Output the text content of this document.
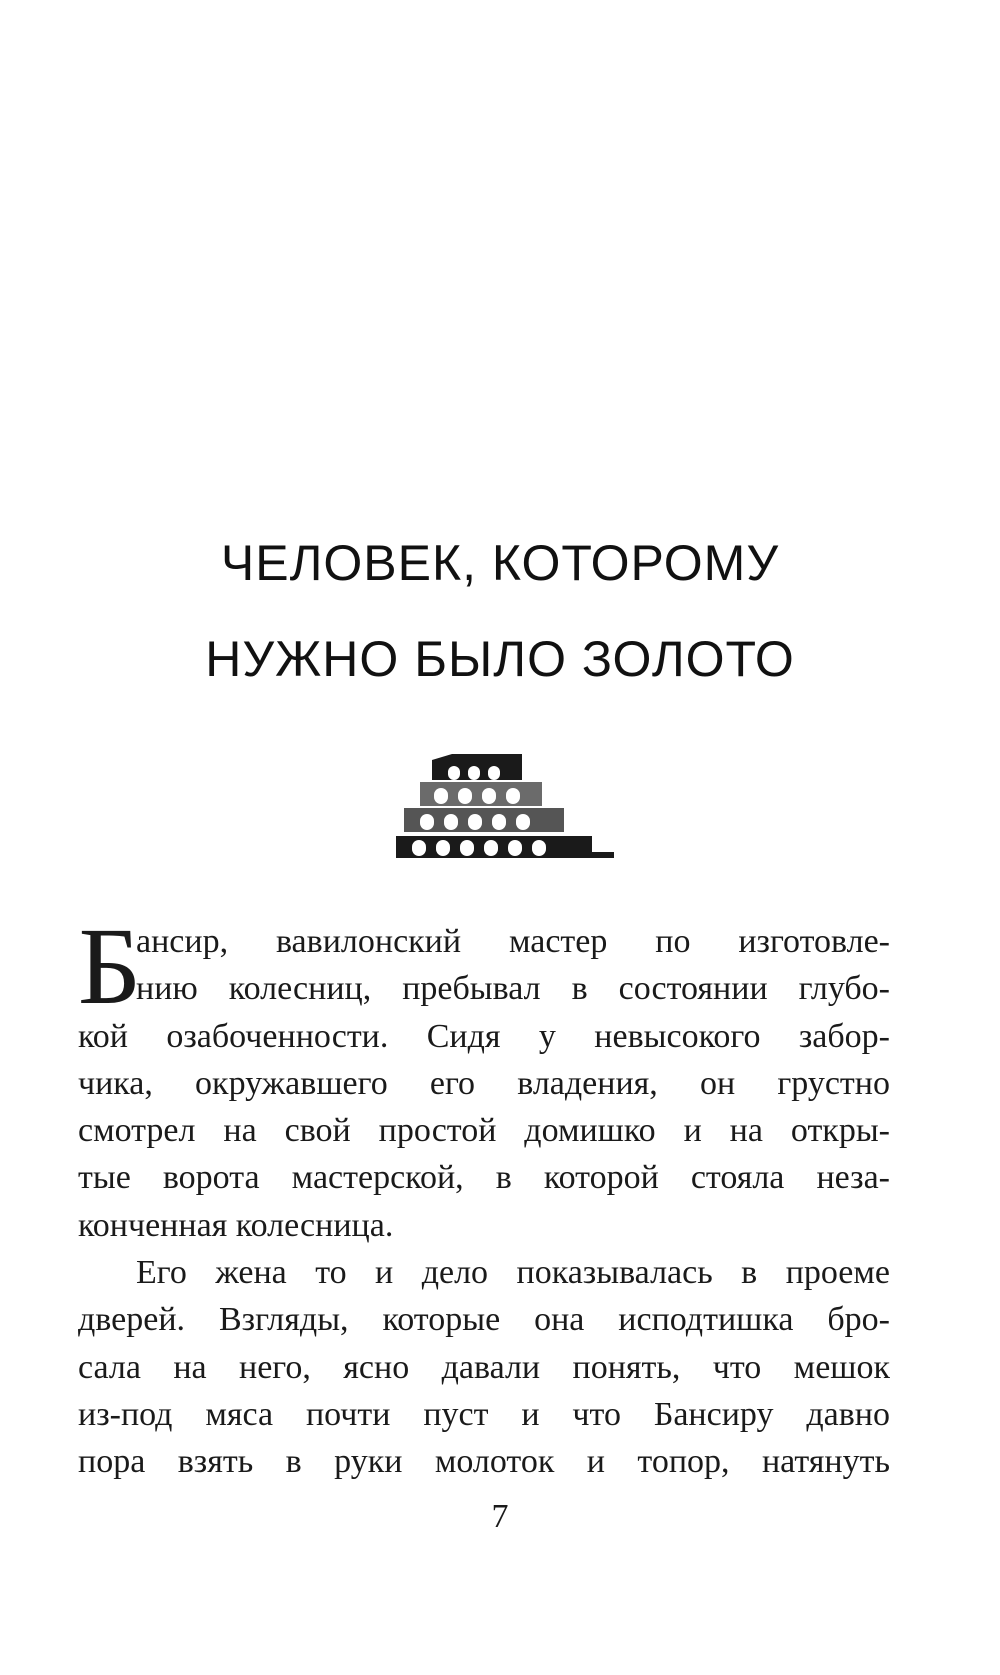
ЧЕЛОВЕК, КОТОРОМУ
НУЖНО БЫЛО ЗОЛОТО
Б
ансир, вавилонский мастер по изготовле-
нию колесниц, пребывал в состоянии глубо-
кой озабоченности. Сидя у невысокого забор-
чика, окружавшего его владения, он грустно
смотрел на свой простой домишко и на откры-
тые ворота мастерской, в которой стояла неза-
конченная колесница.
Его жена то и дело показывалась в проеме
дверей. Взгляды, которые она исподтишка бро-
сала на него, ясно давали понять, что мешок
из-под мяса почти пуст и что Бансиру давно
пора взять в руки молоток и топор, натянуть
7
